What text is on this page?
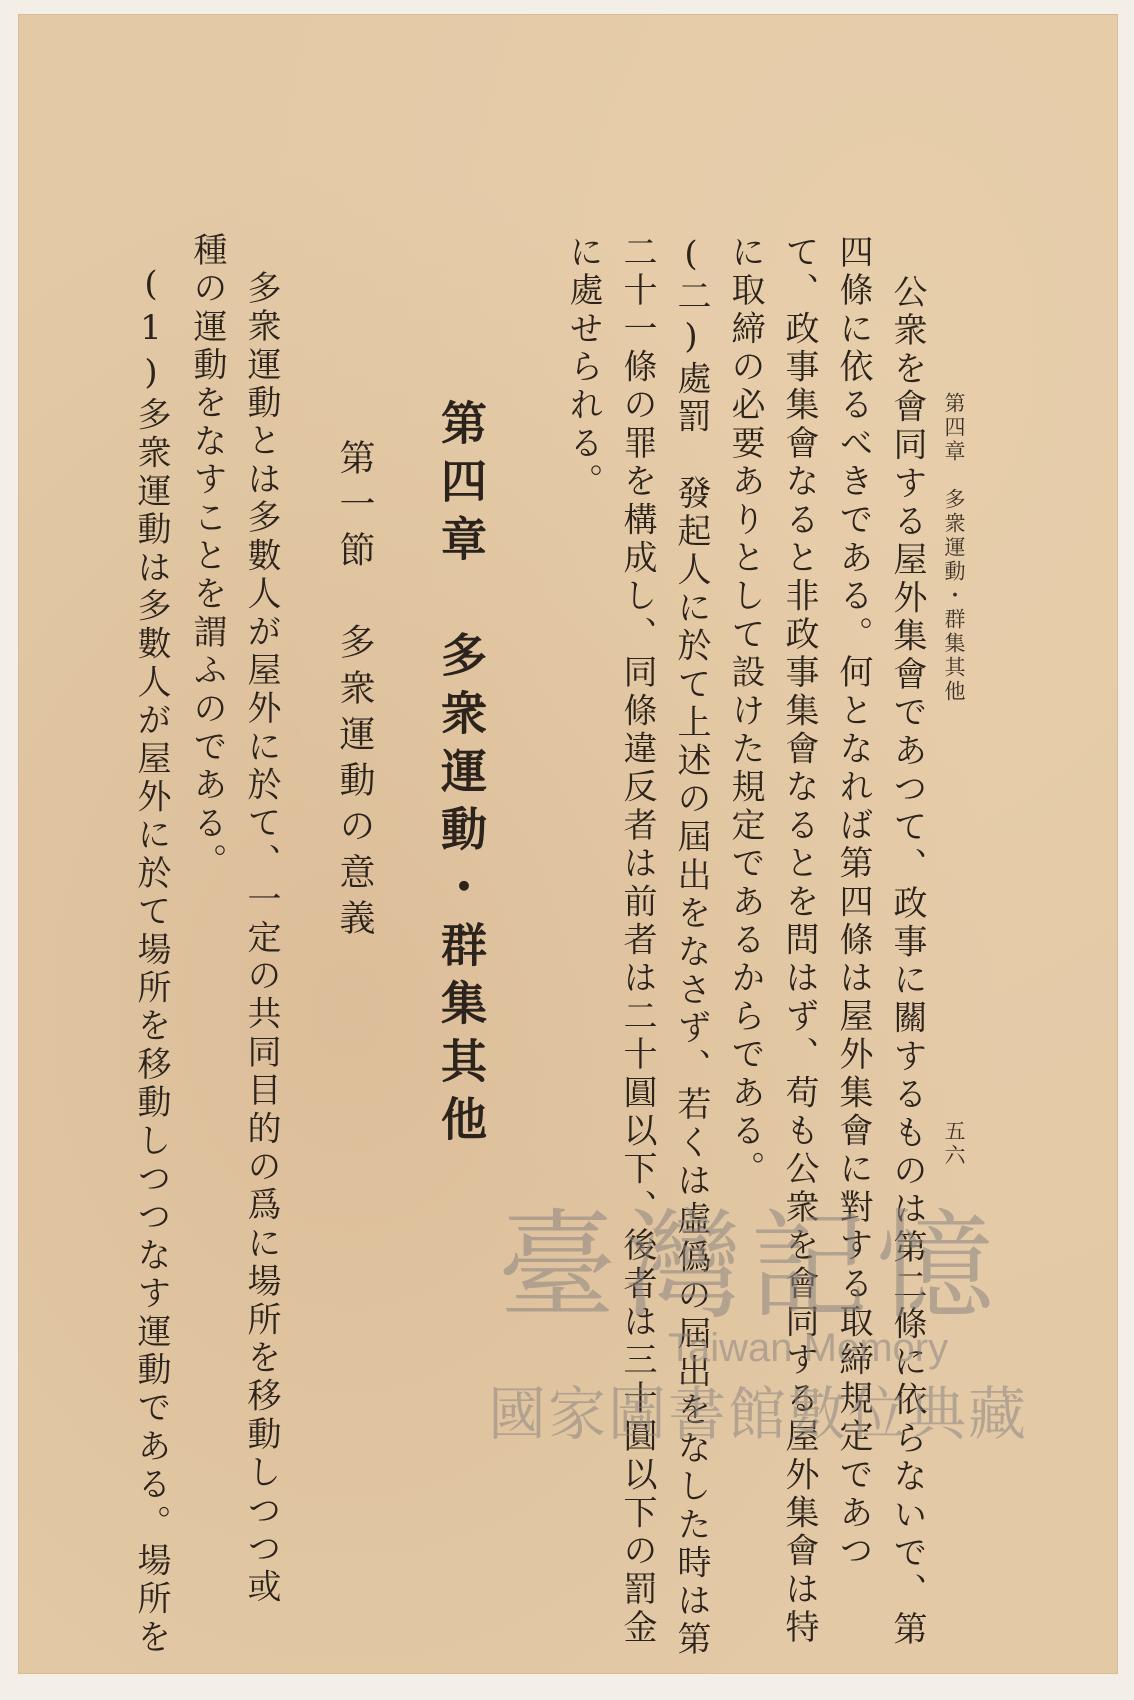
第四章　多衆運動・群集其他
五六
公衆を會同する屋外集會であつて、政事に關するものは第二條に依らないで、第
四條に依るべきである。何となれば第四條は屋外集會に對する取締規定であつ
て、政事集會なると非政事集會なるとを問はず、苟も公衆を會同する屋外集會は特
に取締の必要ありとして設けた規定であるからである。
(二)處罰發起人に於て上述の屆出をなさず、若くは虛僞の屆出をなした時は第
二十一條の罪を構成し、同條違反者は前者は二十圓以下、後者は三十圓以下の罰金
に處せられる。
第四章　多衆運動・群集其他
第一節　多衆運動の意義
多衆運動とは多數人が屋外に於て、一定の共同目的の爲に場所を移動しつつ或
種の運動をなすことを謂ふのである。
(1)多衆運動は多數人が屋外に於て場所を移動しつつなす運動である。場所を	臺灣記憶
Taiwan Memory
國家圖書館數位典藏
